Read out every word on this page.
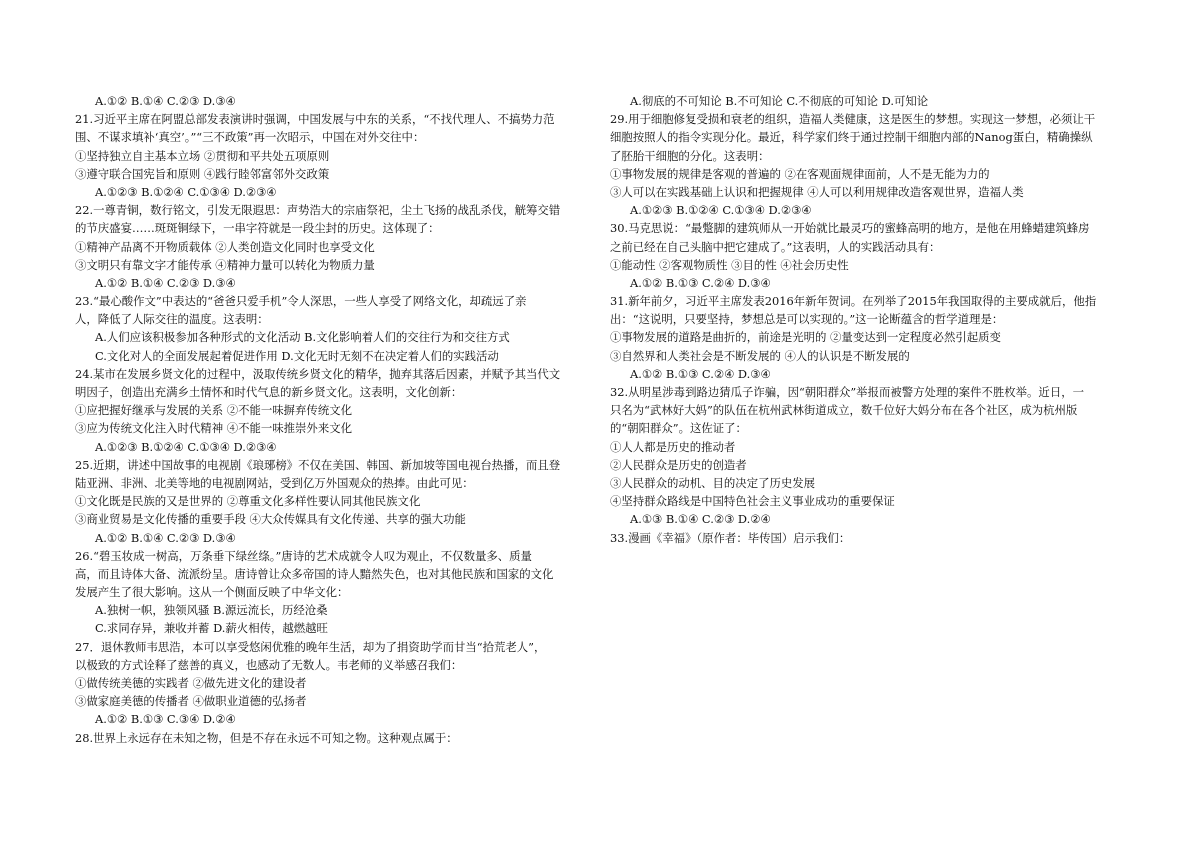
A.①② B.①④ C.②③ D.③④
21.习近平主席在阿盟总部发表演讲时强调，中国发展与中东的关系，“不找代理人、不搞势力范
围、不谋求填补‘真空’。”“三不政策”再一次昭示，中国在对外交往中：
①坚持独立自主基本立场 ②贯彻和平共处五项原则
③遵守联合国宪旨和原则 ④践行睦邻富邻外交政策
A.①②③ B.①②④ C.①③④ D.②③④
22.一尊青铜，数行铭文，引发无限遐思：声势浩大的宗庙祭祀，尘土飞扬的战乱杀伐，觥筹交错
的节庆盛宴……斑斑铜绿下，一串字符就是一段尘封的历史。这体现了：
①精神产品离不开物质载体 ②人类创造文化同时也享受文化
③文明只有靠文字才能传承 ④精神力量可以转化为物质力量
A.①② B.①④ C.②③ D.③④
23.“最心酸作文”中表达的“爸爸只爱手机”令人深思，一些人享受了网络文化，却疏远了亲
人，降低了人际交往的温度。这表明：
A.人们应该积极参加各种形式的文化活动 B.文化影响着人们的交往行为和交往方式
C.文化对人的全面发展起着促进作用 D.文化无时无刻不在决定着人们的实践活动
24.某市在发展乡贤文化的过程中，汲取传统乡贤文化的精华，抛弃其落后因素，并赋予其当代文
明因子，创造出充满乡土情怀和时代气息的新乡贤文化。这表明，文化创新：
①应把握好继承与发展的关系 ②不能一味摒弃传统文化
③应为传统文化注入时代精神 ④不能一味推崇外来文化
A.①②③ B.①②④ C.①③④ D.②③④
25.近期，讲述中国故事的电视剧《琅琊榜》不仅在美国、韩国、新加坡等国电视台热播，而且登
陆亚洲、非洲、北美等地的电视剧网站，受到亿万外国观众的热捧。由此可见：
①文化既是民族的又是世界的 ②尊重文化多样性要认同其他民族文化
③商业贸易是文化传播的重要手段 ④大众传媒具有文化传递、共享的强大功能
A.①② B.①④ C.②③ D.③④
26.“碧玉妆成一树高，万条垂下绿丝绦。”唐诗的艺术成就令人叹为观止，不仅数量多、质量
高，而且诗体大备、流派纷呈。唐诗曾让众多帝国的诗人黯然失色，也对其他民族和国家的文化
发展产生了很大影响。这从一个侧面反映了中华文化：
A.独树一帜，独领风骚 B.源远流长，历经沧桑
C.求同存异，兼收并蓄 D.薪火相传，越燃越旺
27．退休教师韦思浩，本可以享受悠闲优雅的晚年生活，却为了捐资助学而甘当“拾荒老人”，
以极致的方式诠释了慈善的真义，也感动了无数人。韦老师的义举感召我们：
①做传统美德的实践者 ②做先进文化的建设者
③做家庭美德的传播者 ④做职业道德的弘扬者
A.①② B.①③ C.③④ D.②④
28.世界上永远存在未知之物，但是不存在永远不可知之物。这种观点属于：
A.彻底的不可知论 B.不可知论 C.不彻底的可知论 D.可知论
29.用于细胞修复受损和衰老的组织，造福人类健康，这是医生的梦想。实现这一梦想，必须让干
细胞按照人的指令实现分化。最近，科学家们终于通过控制干细胞内部的Nanog蛋白，精确操纵
了胚胎干细胞的分化。这表明：
①事物发展的规律是客观的普遍的 ②在客观面规律面前，人不是无能为力的
③人可以在实践基础上认识和把握规律 ④人可以利用规律改造客观世界，造福人类
A.①②③ B.①②④ C.①③④ D.②③④
30.马克思说：“最蹩脚的建筑师从一开始就比最灵巧的蜜蜂高明的地方，是他在用蜂蜡建筑蜂房
之前已经在自己头脑中把它建成了。”这表明，人的实践活动具有：
①能动性 ②客观物质性 ③目的性 ④社会历史性
A.①② B.①③ C.②④ D.③④
31.新年前夕，习近平主席发表2016年新年贺词。在列举了2015年我国取得的主要成就后，他指
出：“这说明，只要坚持，梦想总是可以实现的。”这一论断蕴含的哲学道理是：
①事物发展的道路是曲折的，前途是光明的 ②量变达到一定程度必然引起质变
③自然界和人类社会是不断发展的 ④人的认识是不断发展的
A.①② B.①③ C.②④ D.③④
32.从明星涉毒到路边猜瓜子诈骗，因“朝阳群众”举报而被警方处理的案件不胜枚举。近日，一
只名为“武林好大妈”的队伍在杭州武林街道成立，数千位好大妈分布在各个社区，成为杭州版
的“朝阳群众”。这佐证了：
①人人都是历史的推动者
②人民群众是历史的创造者
③人民群众的动机、目的决定了历史发展
④坚持群众路线是中国特色社会主义事业成功的重要保证
A.①③ B.①④ C.②③ D.②④
33.漫画《幸福》（原作者：毕传国）启示我们：
